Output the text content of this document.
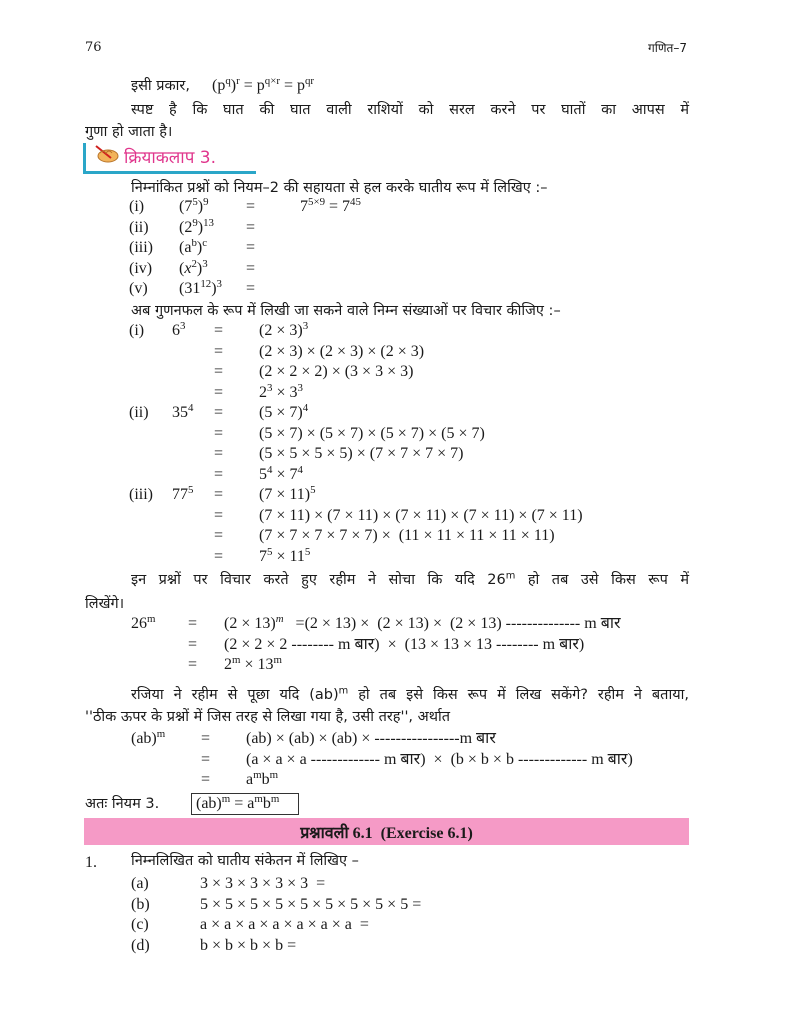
76	गणित–7
इसी प्रकार, $(p^q)^r = p^{q\times r} = p^{qr}$
स्पष्ट है कि घात की घात वाली राशियों को सरल करने पर घातों का आपस में
गुणा हो जाता है।
क्रियाकलाप 3.
निम्नांकित प्रश्नों को नियम–2 की सहायता से हल करके घातीय रूप में लिखिए :–
(i) $(7^5)^9$ =	$7^{5\times 9} = 7^{45}$
(ii) $(2^9)^{13}$ =
(iii) $(a^b)^c$ =
(iv) $(x^2)^3$ =
(v) $(31^{12})^3$ =
अब गुणनफल के रूप में लिखी जा सकने वाले निम्न संख्याओं पर विचार कीजिए :–
(i) $6^3 = (2 \times 3)^3$
= (2 × 3) × (2 × 3) × (2 × 3)
= (2 × 2 × 2) × (3 × 3 × 3)
= $2^3 \times 3^3$
(ii) $35^4 = (5 \times 7)^4$
= (5 × 7) × (5 × 7) × (5 × 7) × (5 × 7)
= (5 × 5 × 5 × 5) × (7 × 7 × 7 × 7)
= $5^4 \times 7^4$
(iii) $77^5 = (7 \times 11)^5$
= (7 × 11) × (7 × 11) × (7 × 11) × (7 × 11) × (7 × 11)
= (7 × 7 × 7 × 7 × 7) ×  (11 × 11 × 11 × 11 × 11)
= $7^5 \times 11^5$
इन प्रश्नों पर विचार करते हुए रहीम ने सोचा कि यदि 26$^m$ हो तब उसे किस रूप में
लिखेंगे।
$26^m = (2 \times 13)^m =(2 \times 13) \times (2 \times 13) \times (2 \times 13)$ -------------- m बार
= (2 × 2 × 2 -------- m बार)  ×  (13 × 13 × 13 -------- m बार)
= $2^m \times 13^m$
रजिया ने रहीम से पूछा यदि (ab)$^m$ हो तब इसे किस रूप में लिख सकेंगे? रहीम ने बताया,
''ठीक ऊपर के प्रश्नों में जिस तरह से लिखा गया है, उसी तरह'', अर्थात
(ab)$^m$ = (ab) × (ab) × (ab) × ----------------m बार
= (a × a × a ------------- m बार)  ×  (b × b × b ------------- m बार)
= $a^mb^m$
अतः नियम 3. $(ab)^m = a^mb^m$
प्रश्नावली 6.1  (Exercise 6.1)
1. निम्नलिखित को घातीय संकेतन में लिखिए –
(a)	3 × 3 × 3 × 3 × 3  =
(b)	5 × 5 × 5 × 5 × 5 × 5 × 5 × 5 × 5 =
(c)	a × a × a × a × a × a × a  =
(d)	b × b × b × b =
